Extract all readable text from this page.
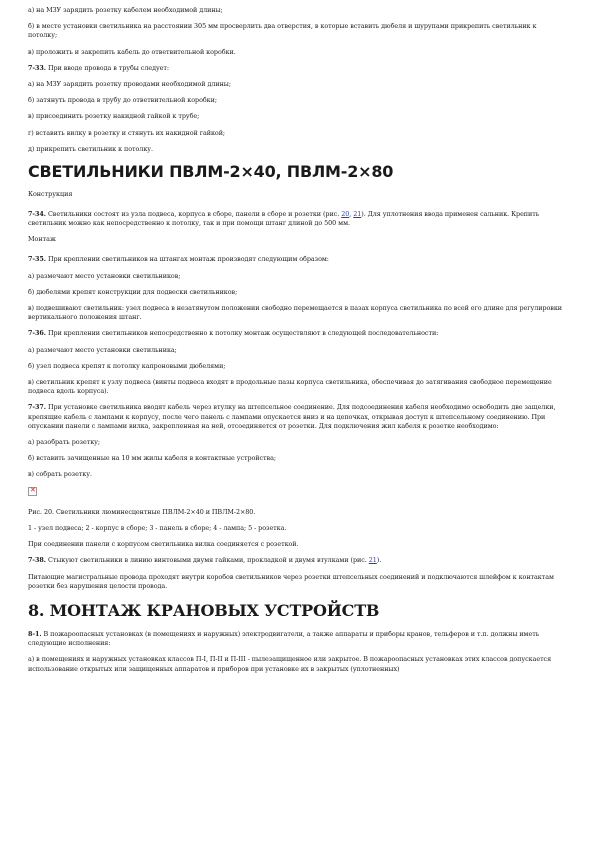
а) на МЗУ зарядить розетку кабелем необходимой длины;

б) в месте установки светильника на расстоянии 305 мм просверлить два отверстия, в которые вставить дюбеля и шурупами прикрепить светильник к потолку;

в) проложить и закрепить кабель до ответвительной коробки.

7-33. При вводе провода в трубы следует:

а) на МЗУ зарядить розетку проводами необходимой длины;

б) затянуть провода в трубу до ответвительной коробки;

в) присоединить розетку накидной гайкой к трубе;

г) вставить вилку в розетку и стянуть их накидной гайкой;

д) прикрепить светильник к потолку.

СВЕТИЛЬНИКИ ПВЛМ-2×40, ПВЛМ-2×80

Конструкция

7-34. Светильники состоят из узла подвеса, корпуса в сборе, панели в сборе и розетки (рис. 20, 21). Для уплотнения ввода применен сальник. Крепить светильник можно как непосредственно к потолку, так и при помощи штанг длиной до 500 мм.

Монтаж

7-35. При креплении светильников на штангах монтаж производят следующим образом:

а) размечают место установки светильников;

б) дюбелями крепят конструкции для подвески светильников;

в) подвешивают светильник: узел подвеса в незатянутом положении свободно перемещается в пазах корпуса светильника по всей его длине для регулировки вертикального положения штанг.

7-36. При креплении светильников непосредственно к потолку монтаж осуществляют в следующей последовательности:

а) размечают место установки светильника;

б) узел подвеса крепят к потолку капроновыми дюбелями;

в) светильник крепят к узлу подвеса (винты подвеса входят в продольные пазы корпуса светильника, обеспечивая до затягивания свободное перемещение подвеса вдоль корпуса).

7-37. При установке светильника вводят кабель через втулку на штепсельное соединение. Для подсоединения кабеля необходимо освободить две защелки, крепящие кабель с лампами к корпусу, после чего панель с лампами опускается вниз и на цепочках, открывая доступ к штепсельному соединению. При опускании панели с лампами вилка, закрепленная на ней, отсоединяется от розетки. Для подключения жил кабеля к розетке необходимо:

а) разобрать розетку;

б) вставить зачищенные на 10 мм жилы кабеля в контактные устройства;

в) собрать розетку.

✕

Рис. 20. Светильники люминесцентные ПВЛМ-2×40 и ПВЛМ-2×80.

1 - узел подвеса; 2 - корпус в сборе; 3 - панель в сборе; 4 - лампа; 5 - розетка.

При соединении панели с корпусом светильника вилка соединяется с розеткой.

7-38. Стыкуют светильники в линию винтовыми двумя гайками, прокладкой и двумя втулками (рис. 21).

Питающие магистральные провода проходят внутри коробов светильников через розетки штепсельных соединений и подключаются шлейфом к контактам розетки без нарушения целости провода.

8. МОНТАЖ КРАНОВЫХ УСТРОЙСТВ

8-1. В пожароопасных установках (в помещениях и наружных) электродвигатели, а также аппараты и приборы кранов, тельферов и т.п. должны иметь следующие исполнения:

а) в помещениях и наружных установках классов П-I, П-II и П-III - пылезащищенное или закрытое. В пожароопасных установках этих классов допускается использование открытых или защищенных аппаратов и приборов при установке их в закрытых (уплотненных)
